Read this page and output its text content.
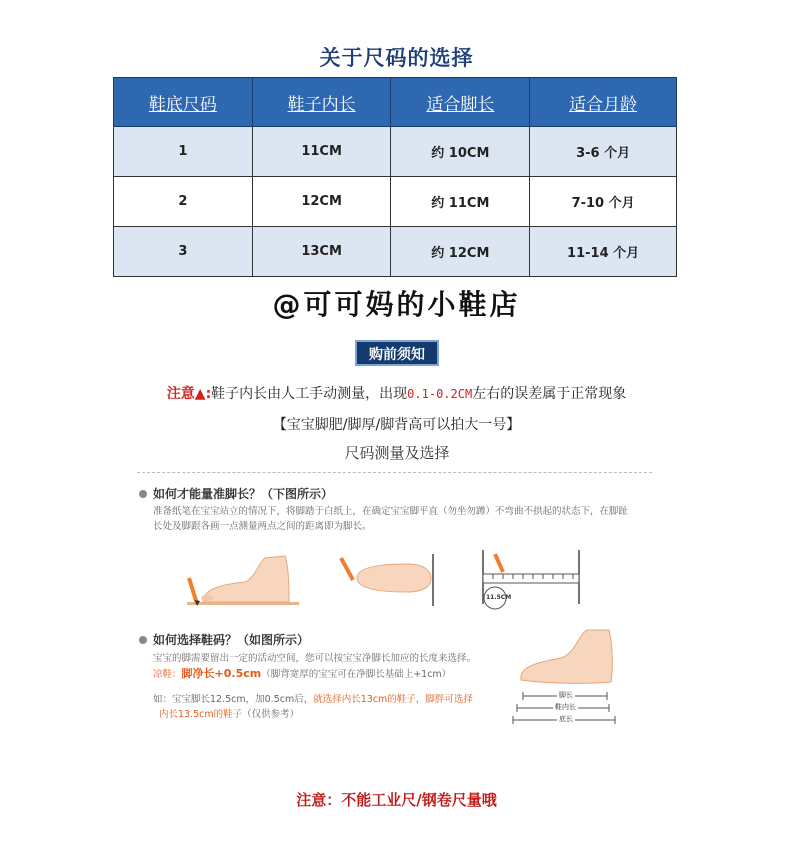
关于尺码的选择
鞋底尺码	鞋子内长	适合脚长	适合月龄
1	11CM	约 10CM	3-6 个月
2	12CM	约 11CM	7-10 个月
3	13CM	约 12CM	11-14 个月
@可可妈的小鞋店
购前须知
注意▲:鞋子内长由人工手动测量，出现0.1-0.2CM左右的误差属于正常现象
【宝宝脚肥/脚厚/脚背高可以拍大一号】
尺码测量及选择
如何才能量准脚长？（下图所示）
准备纸笔在宝宝站立的情况下，将脚踏于白纸上，在确定宝宝脚平直（勿坐勿蹲）不弯曲不拱起的状态下，在脚趾
长处及脚跟各画一点测量两点之间的距离即为脚长。
11.5CM
如何选择鞋码？（如图所示）
宝宝的脚需要留出一定的活动空间，您可以按宝宝净脚长加应的长度来选择。
凉鞋：脚净长+0.5cm（脚背宽厚的宝宝可在净脚长基础上+1cm）
如：宝宝脚长12.5cm，加0.5cm后，就选择内长13cm的鞋子，脚胖可选择
内长13.5cm的鞋子（仅供参考）
脚长
鞋内长
底长
注意：不能工业尺/钢卷尺量哦
